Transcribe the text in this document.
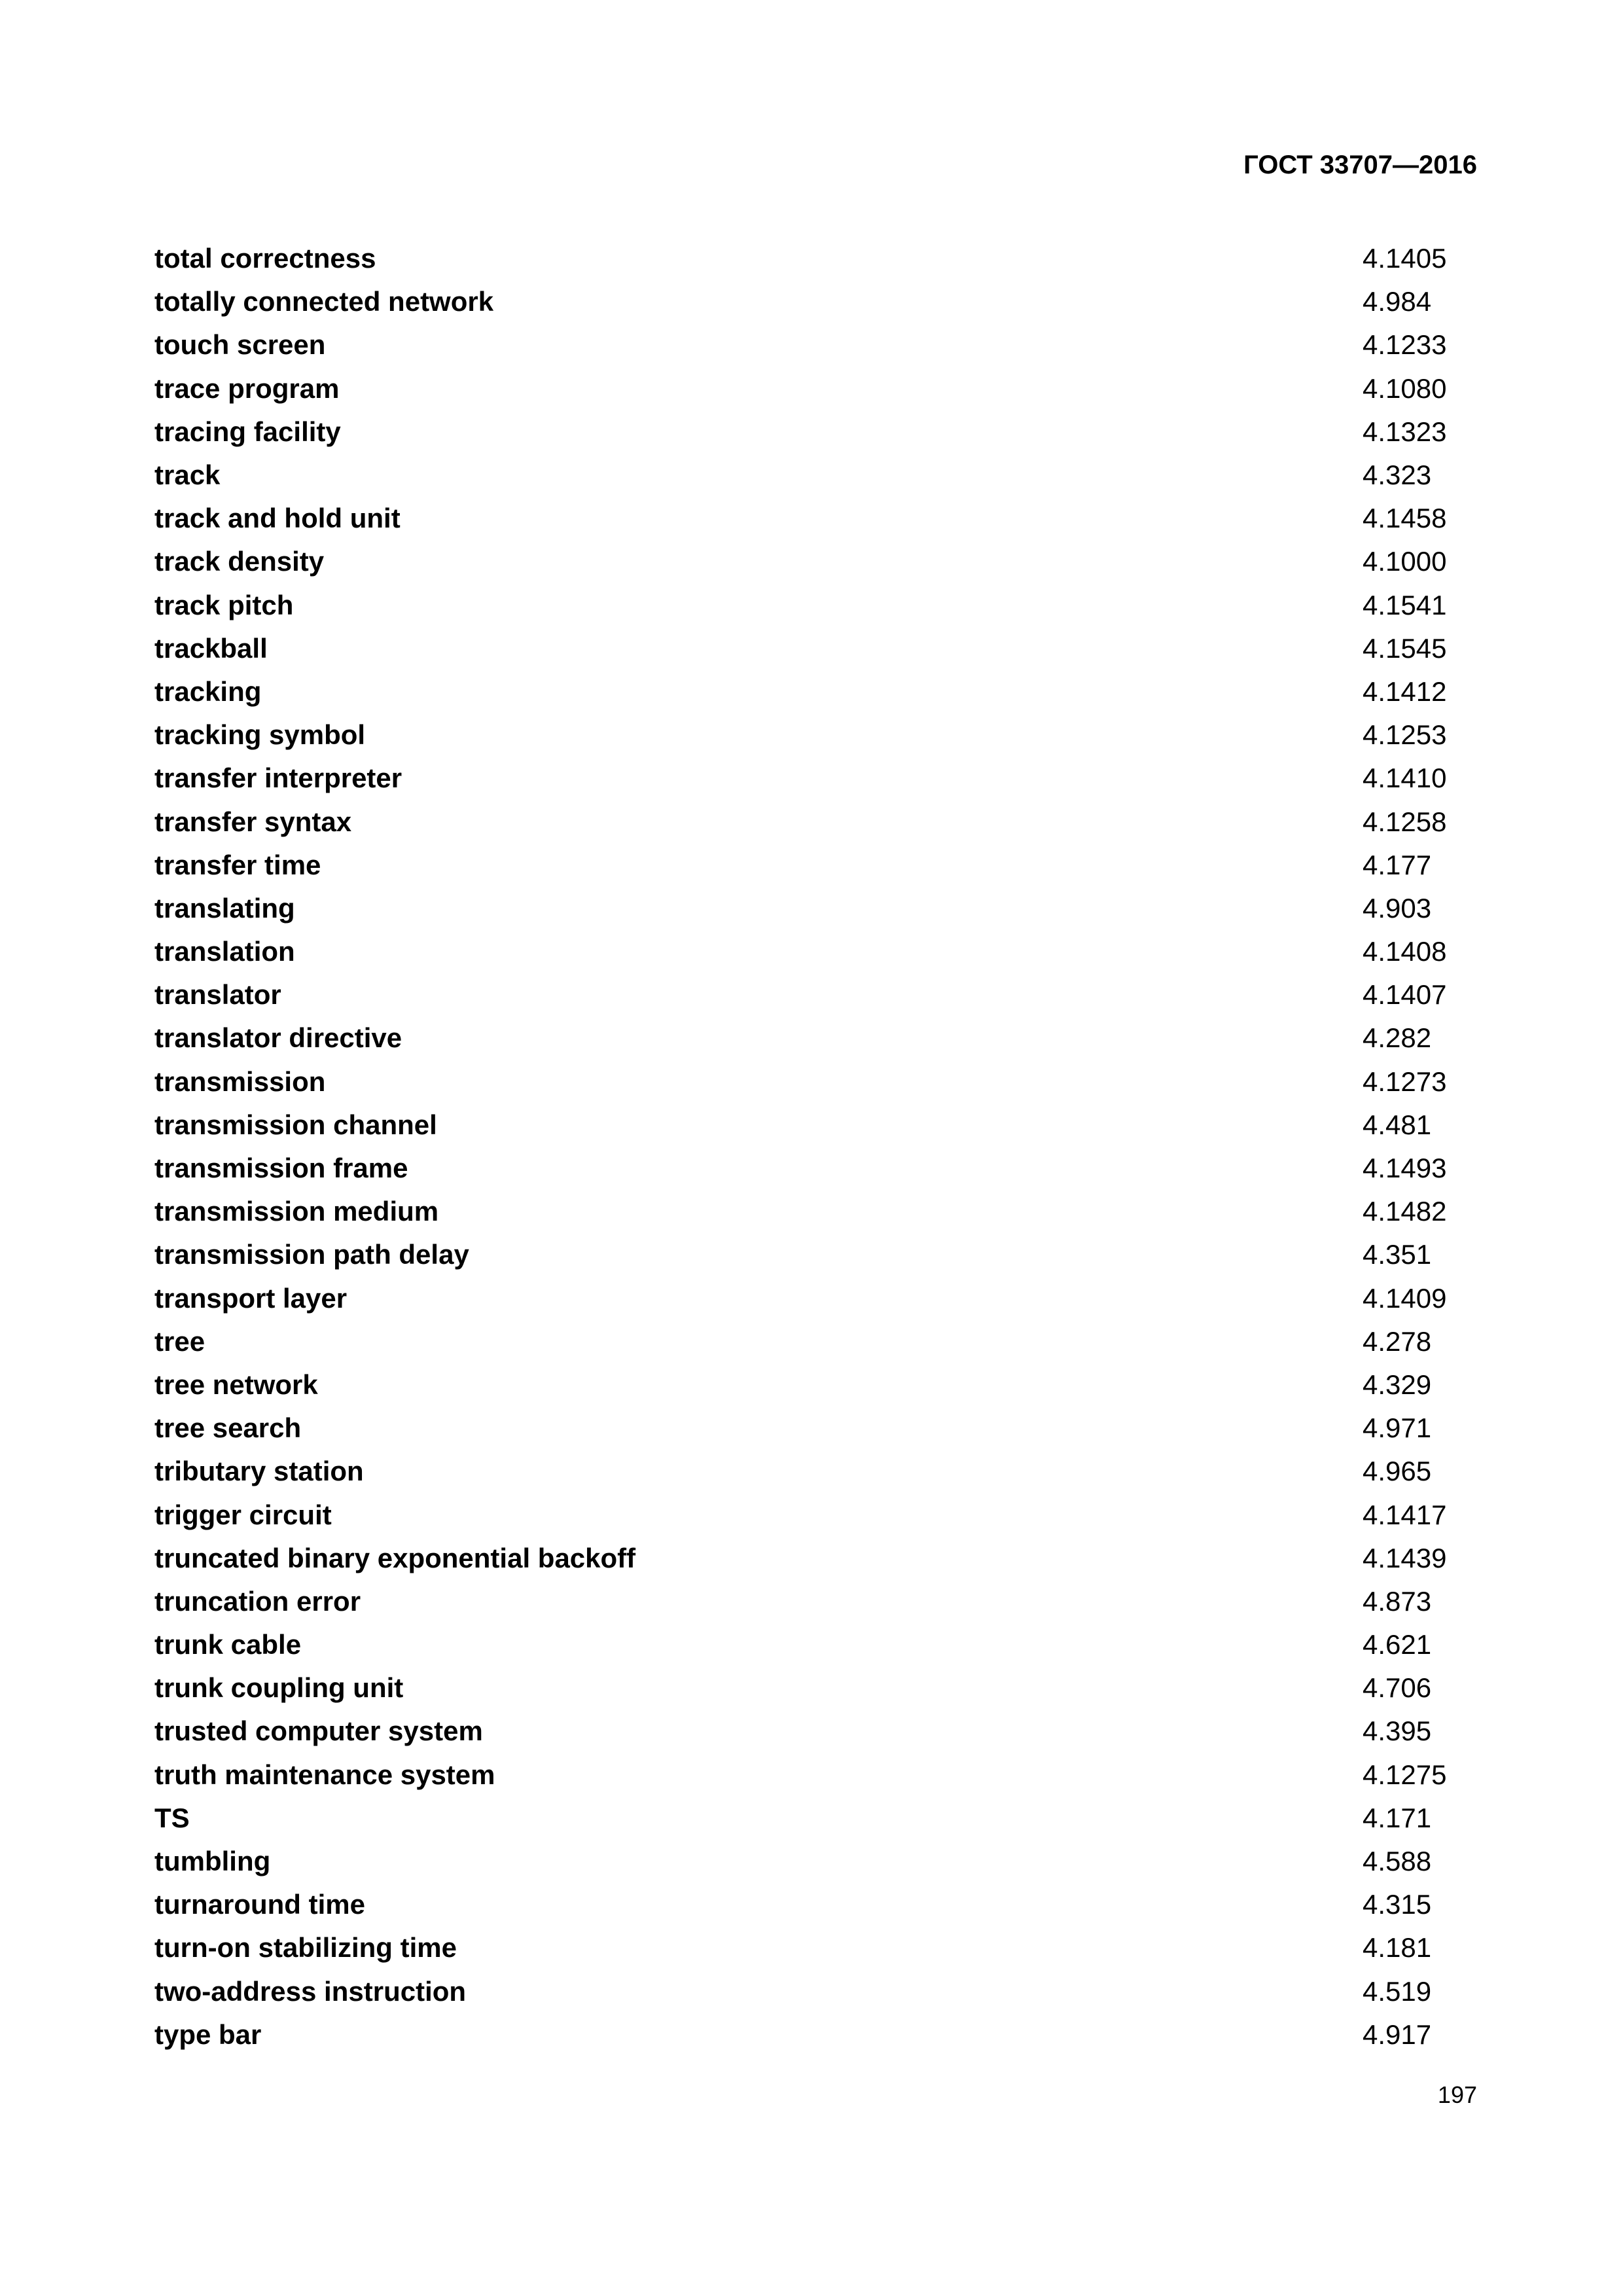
ГОСТ 33707—2016
total correctness	4.1405
totally connected network	4.984
touch screen	4.1233
trace program	4.1080
tracing facility	4.1323
track	4.323
track and hold unit	4.1458
track density	4.1000
track pitch	4.1541
trackball	4.1545
tracking	4.1412
tracking symbol	4.1253
transfer interpreter	4.1410
transfer syntax	4.1258
transfer time	4.177
translating	4.903
translation	4.1408
translator	4.1407
translator directive	4.282
transmission	4.1273
transmission channel	4.481
transmission frame	4.1493
transmission medium	4.1482
transmission path delay	4.351
transport layer	4.1409
tree	4.278
tree network	4.329
tree search	4.971
tributary station	4.965
trigger circuit	4.1417
truncated binary exponential backoff	4.1439
truncation error	4.873
trunk cable	4.621
trunk coupling unit	4.706
trusted computer system	4.395
truth maintenance system	4.1275
TS	4.171
tumbling	4.588
turnaround time	4.315
turn-on stabilizing time	4.181
two-address instruction	4.519
type bar	4.917
197
